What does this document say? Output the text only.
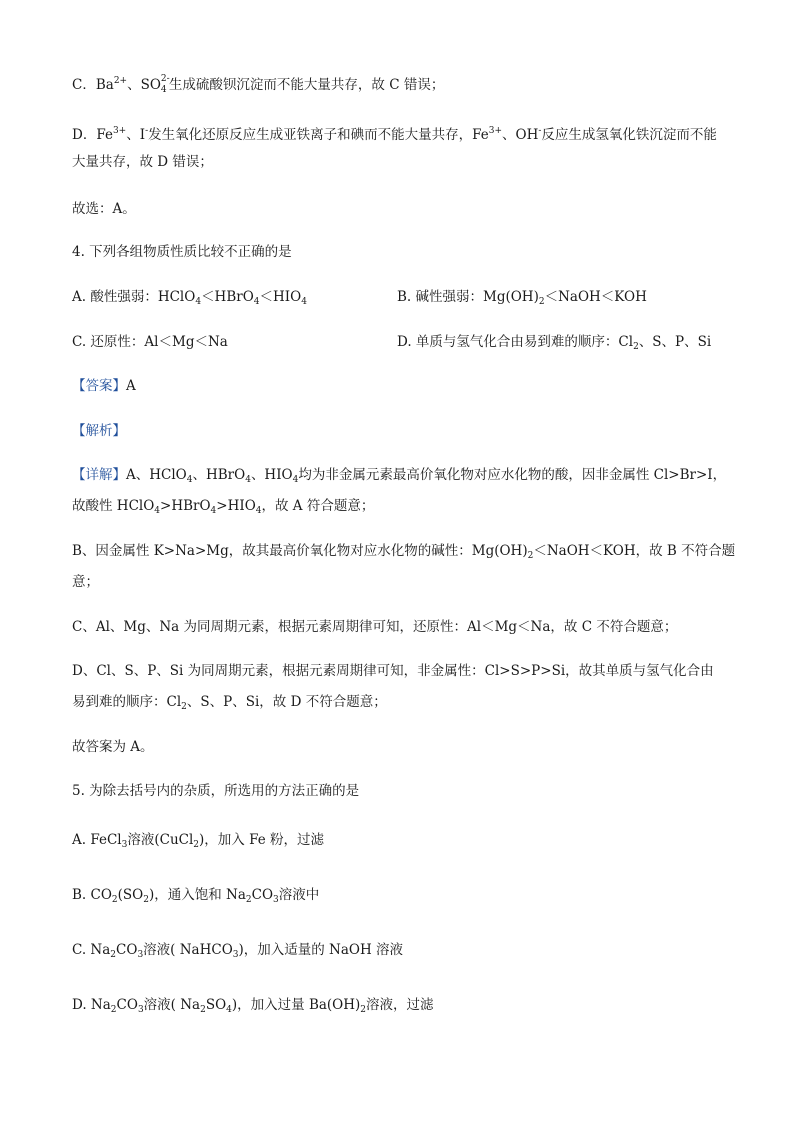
C．$Ba^{2+}$、SO 2-
4 生成硫酸钡沉淀而不能大量共存，故 C 错误；
D．$Fe^{3+}$、I-发生氧化还原反应生成亚铁离子和碘而不能大量共存，$Fe^{3+}$、OH-反应生成氢氧化铁沉淀而不能
大量共存，故 D 错误；
故选：A。
4. 下列各组物质性质比较不正确的是
A. 酸性强弱：$HClO_4<HBrO_4<HIO_4$	B. 碱性强弱：$Mg(OH)_2<NaOH<KOH$
C. 还原性：Al＜Mg＜Na	D. 单质与氢气化合由易到难的顺序：$Cl_2$、S、P、Si
【答案】A
【解析】
【详解】A、HClO$_4$、HBrO$_4$、$HIO_4$均为非金属元素最高价氧化物对应水化物的酸，因非金属性 Cl>Br>I，
故酸性 $HClO_4>HBrO_4>HIO_4$，故 A 符合题意；
B、因金属性 K>Na>Mg，故其最高价氧化物对应水化物的碱性：$Mg(OH)_2<NaOH<KOH$，故 B 不符合题
意；
C、Al、Mg、Na 为同周期元素，根据元素周期律可知，还原性：Al＜Mg＜Na，故 C 不符合题意；
D、Cl、S、P、Si 为同周期元素，根据元素周期律可知，非金属性：Cl>S>P>Si，故其单质与氢气化合由
易到难的顺序：$Cl_2$、S、P、Si，故 D 不符合题意；
故答案为 A。
5. 为除去括号内的杂质，所选用的方法正确的是
A. FeCl$_3$溶液(CuCl$_2$)，加入 Fe 粉，过滤
B. $CO_2(SO_2)$，通入饱和 $Na_2CO_3$溶液中
C. $Na_2CO_3$溶液( NaHCO$_3$)，加入适量的 NaOH 溶液
D. $Na_2CO_3$溶液( $Na_2SO_4$)，加入过量 $Ba(OH)_2$溶液，过滤
